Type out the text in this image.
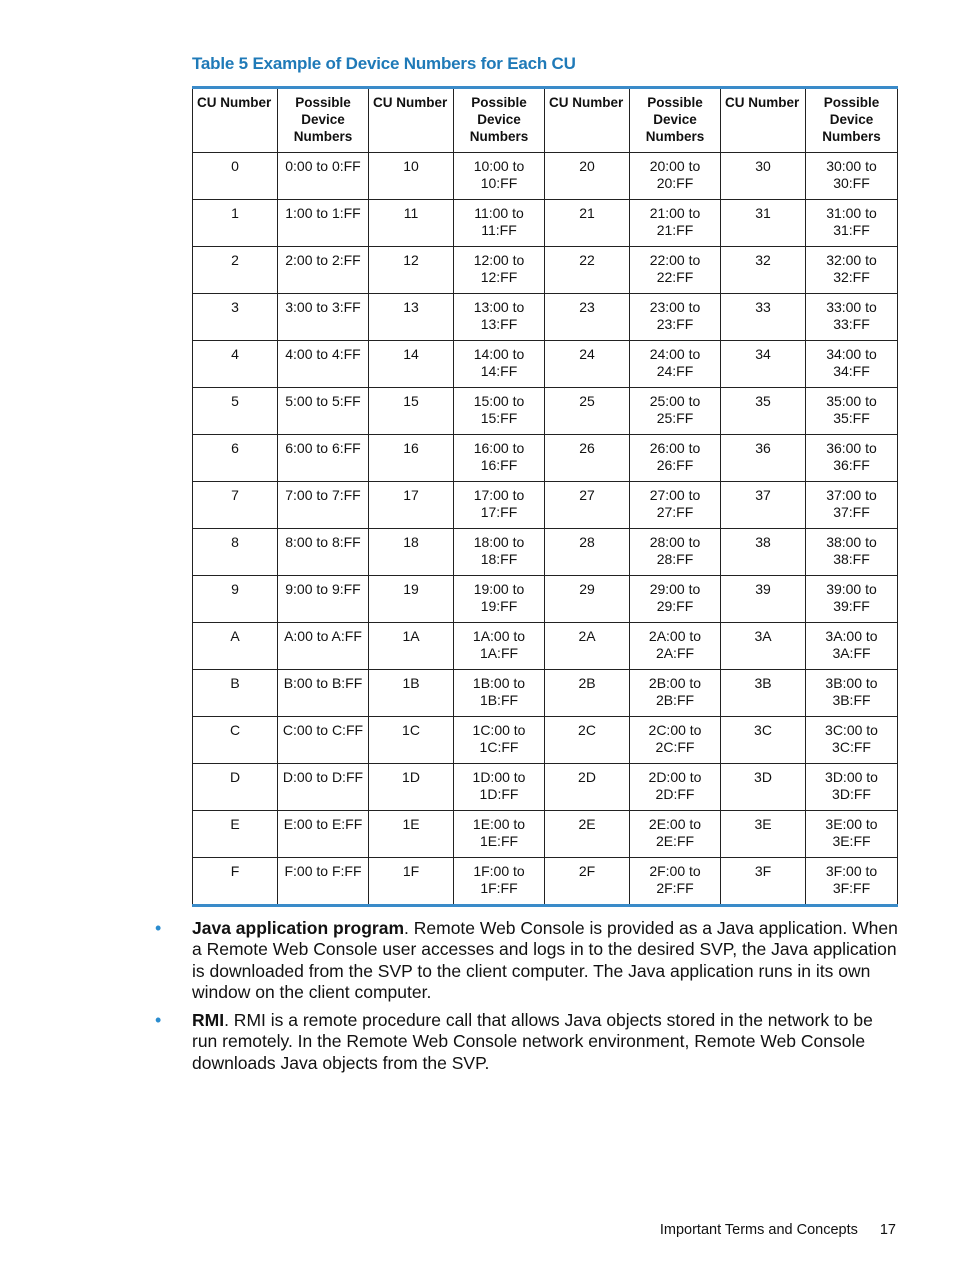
Table 5 Example of Device Numbers for Each CU
CU Number	Possible Device Numbers	CU Number	Possible Device Numbers	CU Number	Possible Device Numbers	CU Number	Possible Device Numbers
0	0:00 to 0:FF	10	10:00 to 10:FF	20	20:00 to 20:FF	30	30:00 to 30:FF
1	1:00 to 1:FF	11	11:00 to 11:FF	21	21:00 to 21:FF	31	31:00 to 31:FF
2	2:00 to 2:FF	12	12:00 to 12:FF	22	22:00 to 22:FF	32	32:00 to 32:FF
3	3:00 to 3:FF	13	13:00 to 13:FF	23	23:00 to 23:FF	33	33:00 to 33:FF
4	4:00 to 4:FF	14	14:00 to 14:FF	24	24:00 to 24:FF	34	34:00 to 34:FF
5	5:00 to 5:FF	15	15:00 to 15:FF	25	25:00 to 25:FF	35	35:00 to 35:FF
6	6:00 to 6:FF	16	16:00 to 16:FF	26	26:00 to 26:FF	36	36:00 to 36:FF
7	7:00 to 7:FF	17	17:00 to 17:FF	27	27:00 to 27:FF	37	37:00 to 37:FF
8	8:00 to 8:FF	18	18:00 to 18:FF	28	28:00 to 28:FF	38	38:00 to 38:FF
9	9:00 to 9:FF	19	19:00 to 19:FF	29	29:00 to 29:FF	39	39:00 to 39:FF
A	A:00 to A:FF	1A	1A:00 to 1A:FF	2A	2A:00 to 2A:FF	3A	3A:00 to 3A:FF
B	B:00 to B:FF	1B	1B:00 to 1B:FF	2B	2B:00 to 2B:FF	3B	3B:00 to 3B:FF
C	C:00 to C:FF	1C	1C:00 to 1C:FF	2C	2C:00 to 2C:FF	3C	3C:00 to 3C:FF
D	D:00 to D:FF	1D	1D:00 to 1D:FF	2D	2D:00 to 2D:FF	3D	3D:00 to 3D:FF
E	E:00 to E:FF	1E	1E:00 to 1E:FF	2E	2E:00 to 2E:FF	3E	3E:00 to 3E:FF
F	F:00 to F:FF	1F	1F:00 to 1F:FF	2F	2F:00 to 2F:FF	3F	3F:00 to 3F:FF
• Java application program. Remote Web Console is provided as a Java application. When a Remote Web Console user accesses and logs in to the desired SVP, the Java application is downloaded from the SVP to the client computer. The Java application runs in its own window on the client computer.
• RMI. RMI is a remote procedure call that allows Java objects stored in the network to be run remotely. In the Remote Web Console network environment, Remote Web Console downloads Java objects from the SVP.
Important Terms and Concepts 17
